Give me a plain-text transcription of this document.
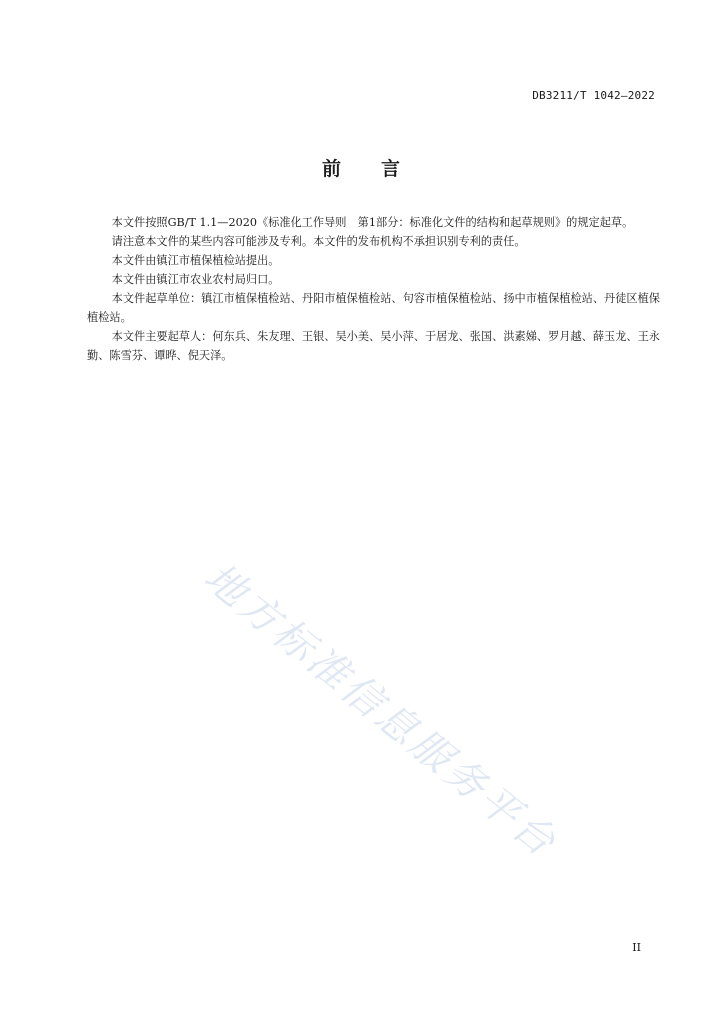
DB3211/T 1042—2022
前 言

本文件按照GB/T 1.1—2020《标准化工作导则　第1部分：标准化文件的结构和起草规则》的规定起草。

请注意本文件的某些内容可能涉及专利。本文件的发布机构不承担识别专利的责任。

本文件由镇江市植保植检站提出。

本文件由镇江市农业农村局归口。

本文件起草单位：镇江市植保植检站、丹阳市植保植检站、句容市植保植检站、扬中市植保植检站、丹徒区植保植检站。

本文件主要起草人：何东兵、朱友理、王银、吴小美、吴小萍、于居龙、张国、洪素娣、罗月越、薛玉龙、王永勤、陈雪芬、谭晔、倪天泽。

地方标准信息服务平台
II
